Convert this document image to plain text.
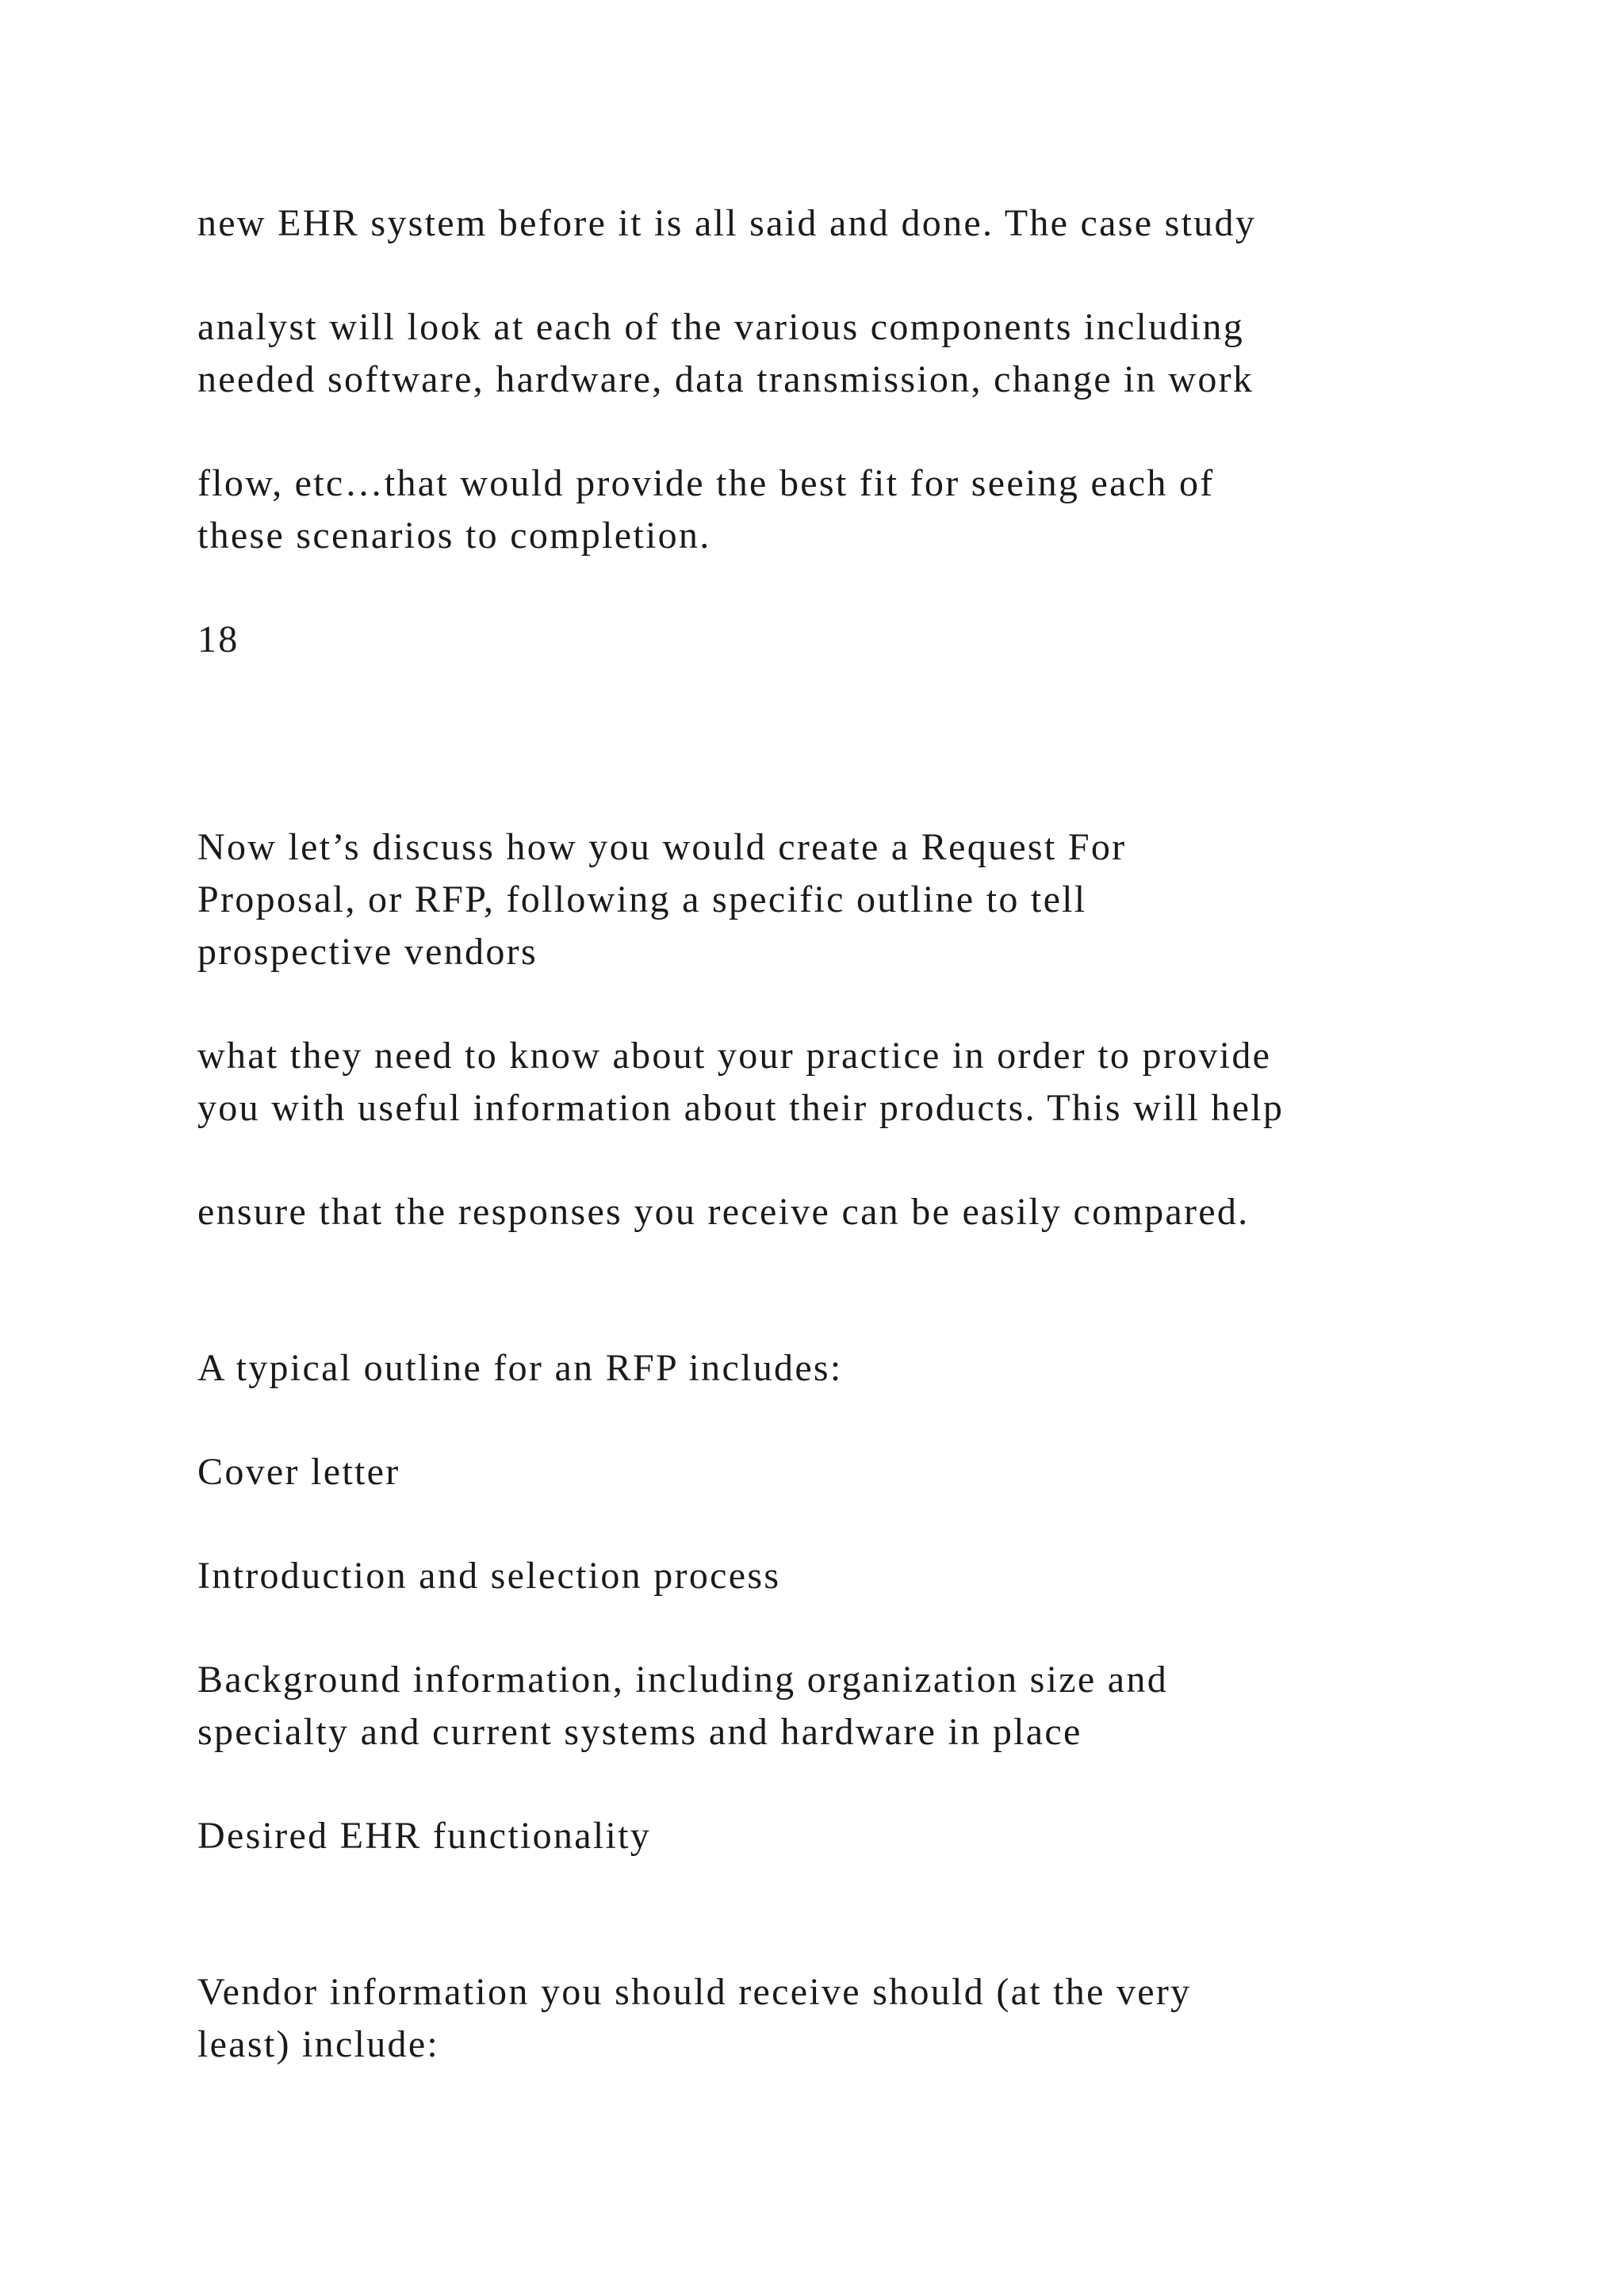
new EHR system before it is all said and done. The case study

analyst will look at each of the various components including

needed software, hardware, data transmission, change in work

flow, etc…that would provide the best fit for seeing each of

these scenarios to completion.

18

Now let’s discuss how you would create a Request For

Proposal, or RFP, following a specific outline to tell

prospective vendors

what they need to know about your practice in order to provide

you with useful information about their products. This will help

ensure that the responses you receive can be easily compared.

A typical outline for an RFP includes:

Cover letter

Introduction and selection process

Background information, including organization size and

specialty and current systems and hardware in place

Desired EHR functionality

Vendor information you should receive should (at the very

least) include:
